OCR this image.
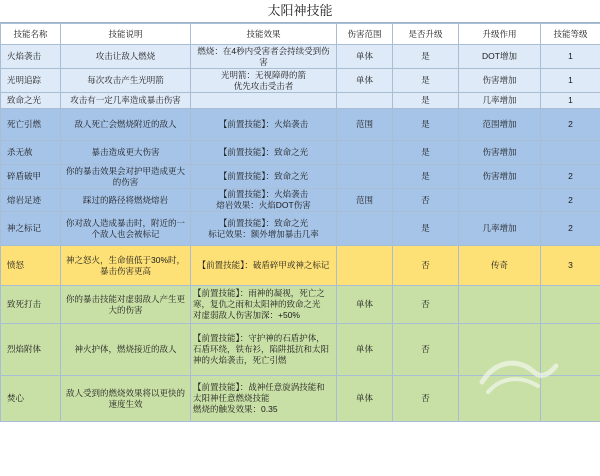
太阳神技能
技能名称	技能说明	技能效果	伤害范围	是否升级	升级作用	技能等级
火焰袭击	攻击让敌人燃烧	燃烧：在4秒内受害者会持续受到伤
害	单体	是	DOT增加	1
光明追踪	每次攻击产生光明箭	光明箭：无视障碍的箭
优先攻击受击者	单体	是	伤害增加	1
致命之光	攻击有一定几率造成暴击伤害			是	几率增加	1
死亡引燃	敌人死亡会燃烧附近的敌人	【前置技能】：火焰袭击	范围	是	范围增加	2
杀无赦	暴击造成更大伤害	【前置技能】：致命之光		是	伤害增加	
碎盾破甲	你的暴击效果会对护甲造成更大的伤害	【前置技能】：致命之光		是	伤害增加	2
熔岩足迹	踩过的路径将燃烧熔岩	【前置技能】：火焰袭击
熔岩效果：火焰DOT伤害	范围	否		2
神之标记	你对敌人造成暴击时，附近的一个敌人也会被标记	【前置技能】：致命之光
标记效果：额外增加暴击几率		是	几率增加	2
愤怒	神之怒火，生命值低于30%时，暴击伤害更高	【前置技能】：破盾碎甲或神之标记		否	传奇	3
致死打击	你的暴击技能对虚弱敌人产生更大的伤害	【前置技能】：雨神的凝视，死亡之
寒，复仇之雨和太阳神的致命之光
对虚弱敌人伤害加深：+50%	单体	否		
烈焰附体	神火护体，燃烧接近的敌人	【前置技能】：守护神的石盾护体，
石盾环绕，铁布衫，陷阱抵抗和太阳
神的火焰袭击，死亡引燃	单体	否		
焚心	敌人受到的燃烧效果将以更快的速度生效	【前置技能】：战神任意旋涡技能和
太阳神任意燃烧技能
燃烧的触发效果：0.35	单体	否		
